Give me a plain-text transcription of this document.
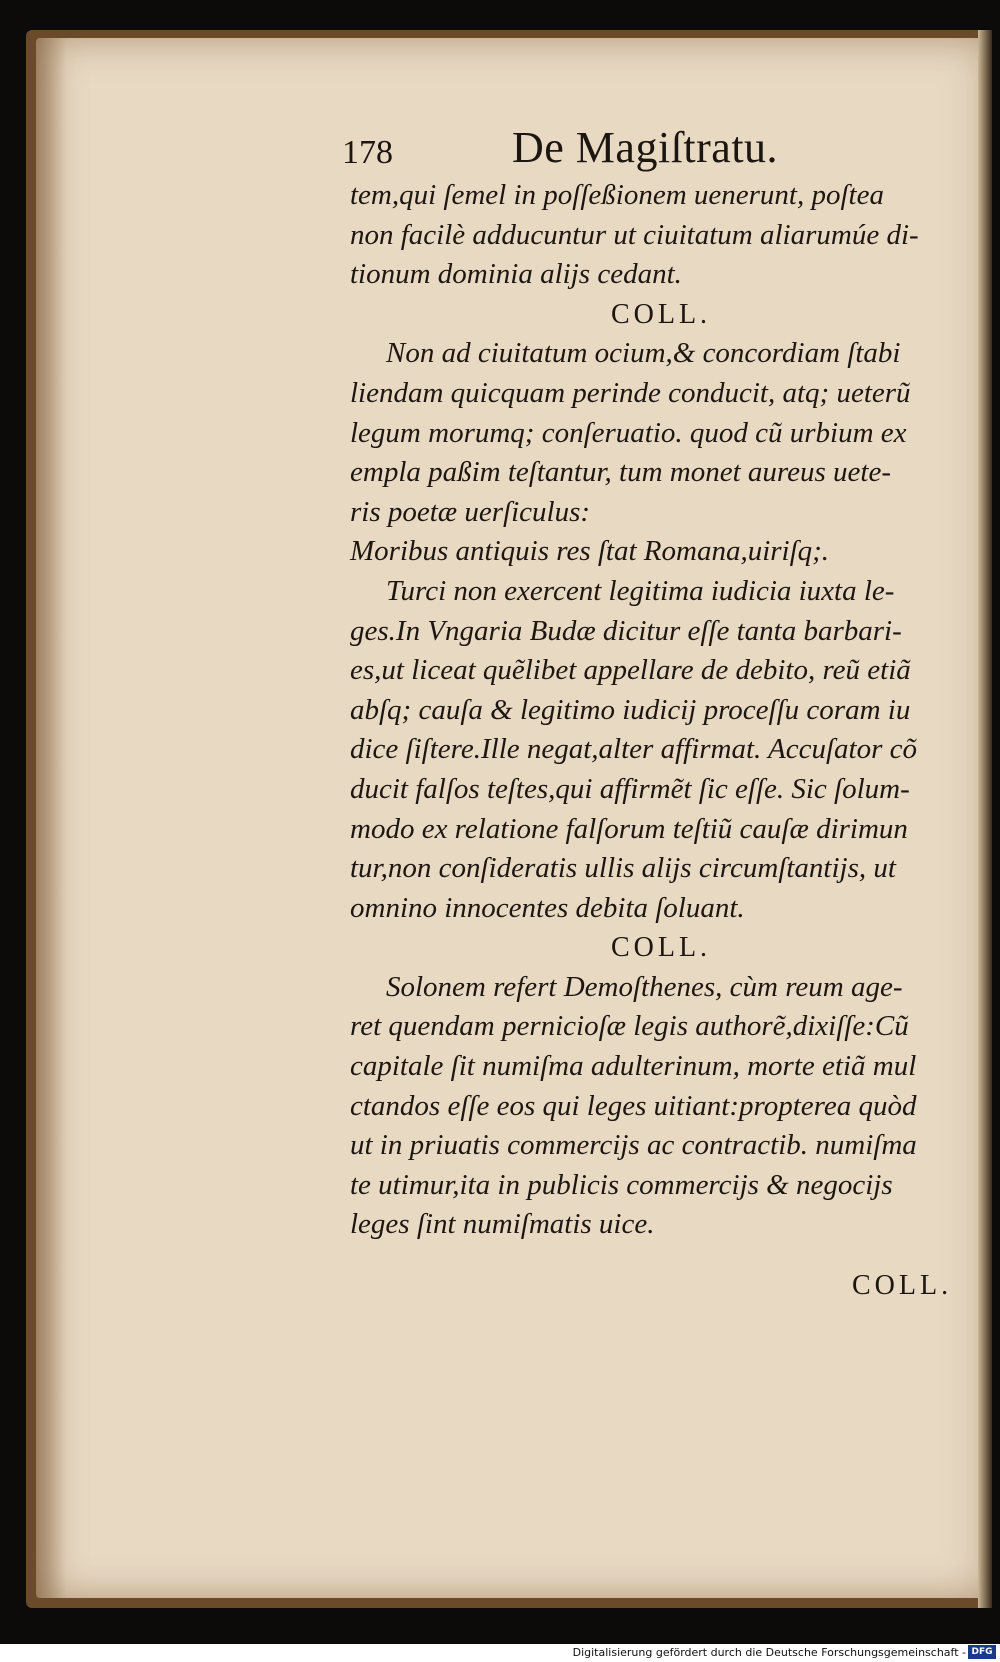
178	De Magiſtratu.
tem,qui ſemel in poſſeßionem uenerunt, poſtea
non facilè adducuntur ut ciuitatum aliarumúe di-
tionum dominia alijs cedant.
COLL.
Non ad ciuitatum ocium,& concordiam ſtabi
liendam quicquam perinde conducit, atq; ueterũ
legum morumq; conſeruatio. quod cũ urbium ex
empla paßim teſtantur, tum monet aureus uete-
ris poetæ uerſiculus:
Moribus antiquis res ſtat Romana,uiriſq;.
Turci non exercent legitima iudicia iuxta le-
ges.In Vngaria Budæ dicitur eſſe tanta barbari-
es,ut liceat quẽlibet appellare de debito, reũ etiã
abſq; cauſa & legitimo iudicij proceſſu coram iu
dice ſiſtere.Ille negat,alter affirmat. Accuſator cõ
ducit falſos teſtes,qui affirmẽt ſic eſſe. Sic ſolum-
modo ex relatione falſorum teſtiũ cauſæ dirimun
tur,non conſideratis ullis alijs circumſtantijs, ut
omnino innocentes debita ſoluant.
COLL.
Solonem refert Demoſthenes, cùm reum age-
ret quendam pernicioſæ legis authorẽ,dixiſſe:Cũ
capitale ſit numiſma adulterinum, morte etiã mul
ctandos eſſe eos qui leges uitiant:propterea quòd
ut in priuatis commercijs ac contractib. numiſma
te utimur,ita in publicis commercijs & negocijs
leges ſint numiſmatis uice.
COLL.
Digitalisierung gefördert durch die Deutsche Forschungsgemeinschaft - DFG
